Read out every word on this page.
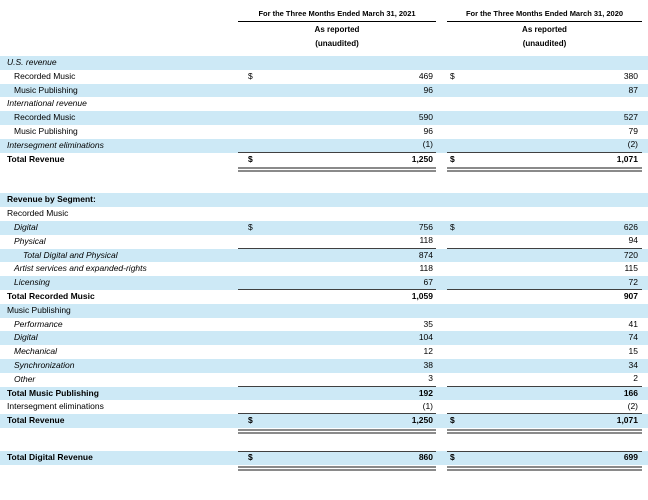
For the Three Months Ended March 31, 2021	For the Three Months Ended March 31, 2020
As reported	As reported
(unaudited)	(unaudited)
U.S. revenue
Recorded Music	$	469 $	380
Music Publishing	96	87
International revenue
Recorded Music	590	527
Music Publishing	96	79
Intersegment eliminations	(1)	(2)
Total Revenue	$	1,250 $	1,071
Revenue by Segment:
Recorded Music
Digital	$	756 $	626
Physical	118	94
Total Digital and Physical	874	720
Artist services and expanded-rights	118	115
Licensing	67	72
Total Recorded Music	1,059	907
Music Publishing
Performance	35	41
Digital	104	74
Mechanical	12	15
Synchronization	38	34
Other	3	2
Total Music Publishing	192	166
Intersegment eliminations	(1)	(2)
Total Revenue	$	1,250 $	1,071
Total Digital Revenue	$	860 $	699
